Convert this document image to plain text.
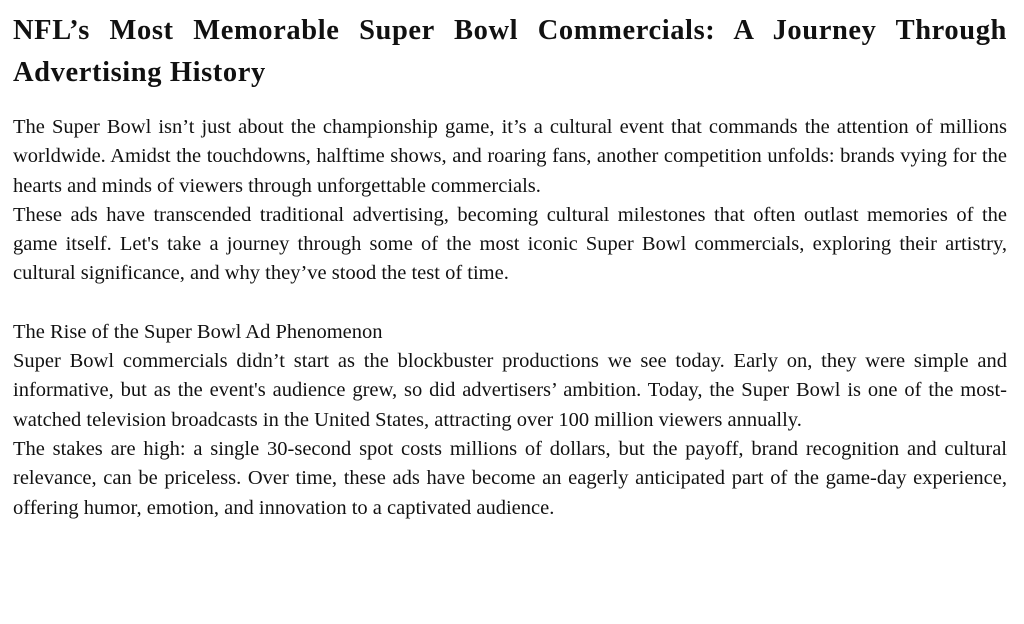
NFL’s Most Memorable Super Bowl Commercials: A Journey Through Advertising History

The Super Bowl isn’t just about the championship game, it’s a cultural event that commands the attention of millions worldwide. Amidst the touchdowns, halftime shows, and roaring fans, another competition unfolds: brands vying for the hearts and minds of viewers through unforgettable commercials.

These ads have transcended traditional advertising, becoming cultural milestones that often outlast memories of the game itself. Let's take a journey through some of the most iconic Super Bowl commercials, exploring their artistry, cultural significance, and why they’ve stood the test of time.

The Rise of the Super Bowl Ad Phenomenon

Super Bowl commercials didn’t start as the blockbuster productions we see today. Early on, they were simple and informative, but as the event's audience grew, so did advertisers’ ambition. Today, the Super Bowl is one of the most-watched television broadcasts in the United States, attracting over 100 million viewers annually.

The stakes are high: a single 30-second spot costs millions of dollars, but the payoff, brand recognition and cultural relevance, can be priceless. Over time, these ads have become an eagerly anticipated part of the game-day experience, offering humor, emotion, and innovation to a captivated audience.
